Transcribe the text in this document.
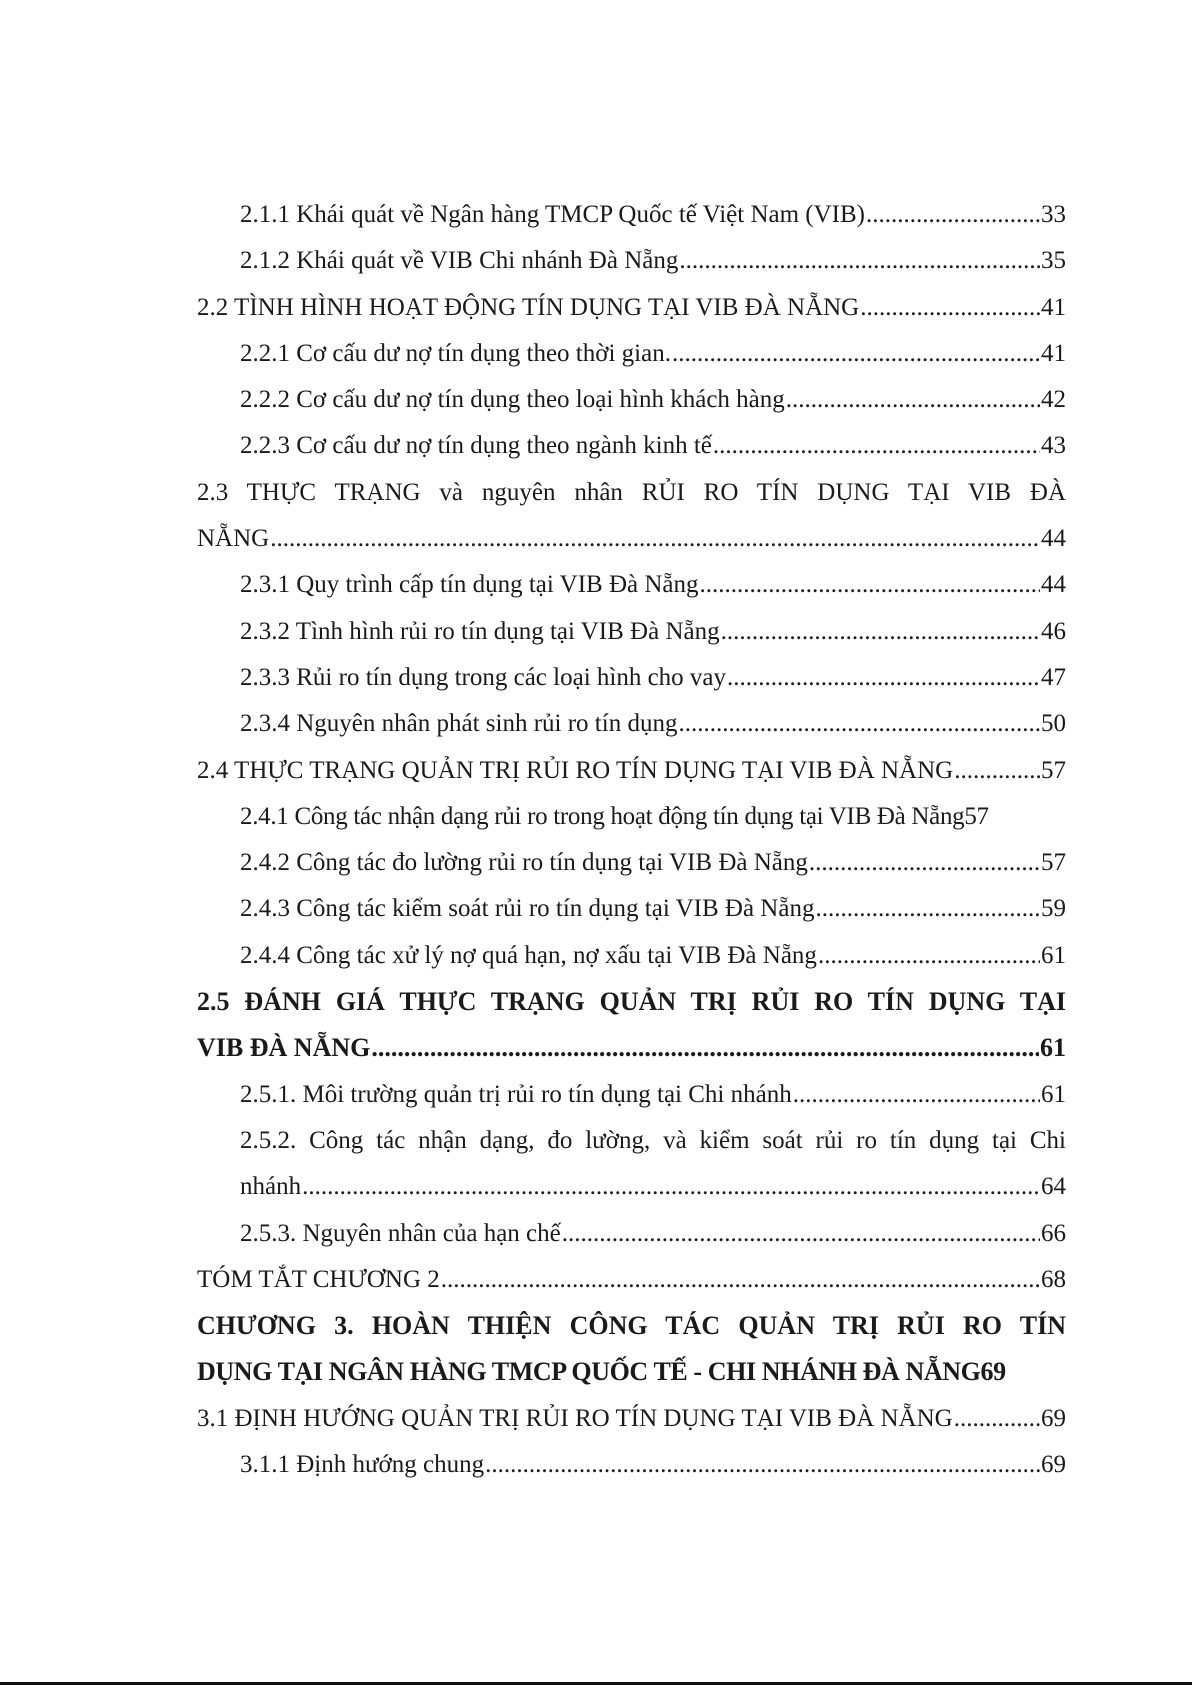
2.1.1 Khái quát về Ngân hàng TMCP Quốc tế Việt Nam (VIB) .....	33
2.1.2 Khái quát về VIB Chi nhánh Đà Nẵng .....	35
2.2 TÌNH HÌNH HOẠT ĐỘNG TÍN DỤNG TẠI VIB ĐÀ NẴNG .....	41
2.2.1 Cơ cấu dư nợ tín dụng theo thời gian. .....	41
2.2.2 Cơ cấu dư nợ tín dụng theo loại hình khách hàng .....	42
2.2.3 Cơ cấu dư nợ tín dụng theo ngành kinh tế .....	43
2.3 THỰC TRẠNG và nguyên nhân RỦI RO TÍN DỤNG TẠI VIB ĐÀ
NẴNG .....	44
2.3.1 Quy trình cấp tín dụng tại VIB Đà Nẵng .....	44
2.3.2 Tình hình rủi ro tín dụng tại VIB Đà Nẵng .....	46
2.3.3 Rủi ro tín dụng trong các loại hình cho vay .....	47
2.3.4 Nguyên nhân phát sinh rủi ro tín dụng .....	50
2.4 THỰC TRẠNG QUẢN TRỊ RỦI RO TÍN DỤNG TẠI VIB ĐÀ NẴNG .....	57
2.4.1 Công tác nhận dạng rủi ro trong hoạt động tín dụng tại VIB Đà Nẵng 57
2.4.2 Công tác đo lường rủi ro tín dụng tại VIB Đà Nẵng .....	57
2.4.3 Công tác kiểm soát rủi ro tín dụng tại VIB Đà Nẵng .....	59
2.4.4 Công tác xử lý nợ quá hạn, nợ xấu tại VIB Đà Nẵng .....	61
2.5 ĐÁNH GIÁ THỰC TRẠNG QUẢN TRỊ RỦI RO TÍN DỤNG TẠI
VIB ĐÀ NẴNG .....	61
2.5.1. Môi trường quản trị rủi ro tín dụng tại Chi nhánh .....	61
2.5.2. Công tác nhận dạng, đo lường, và kiểm soát rủi ro tín dụng tại Chi
nhánh .....	64
2.5.3. Nguyên nhân của hạn chế .....	66
TÓM TẮT CHƯƠNG 2 .....	68
CHƯƠNG 3. HOÀN THIỆN CÔNG TÁC QUẢN TRỊ RỦI RO TÍN
DỤNG TẠI NGÂN HÀNG TMCP QUỐC TẾ - CHI NHÁNH ĐÀ NẴNG 69
3.1 ĐỊNH HƯỚNG QUẢN TRỊ RỦI RO TÍN DỤNG TẠI VIB ĐÀ NẴNG .....	69
3.1.1 Định hướng chung .....	69
